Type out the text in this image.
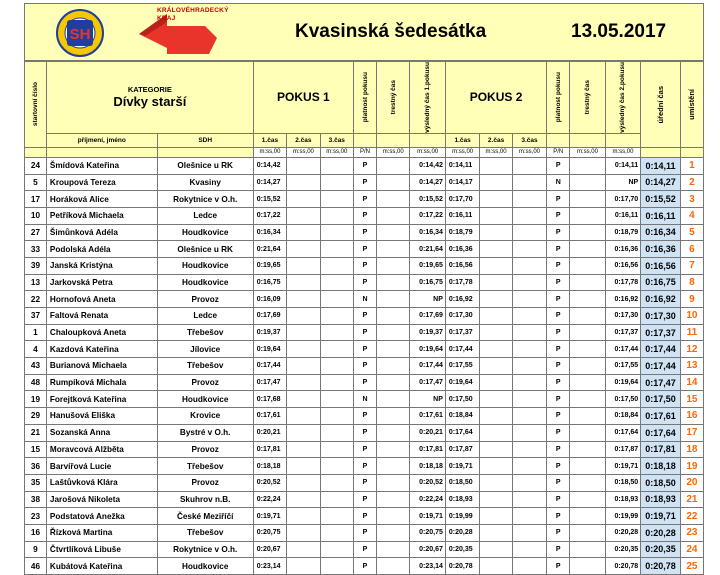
SH
KRÁLOVÉHRADECKÝ
KRAJ
Kvasinská šedesátka	13.05.2017
startovní číslo	KATEGORIE
Dívky starší		POKUS 1			platnost pokusu	trestný čas	výsledný čas 1.pokusu	POKUS 2			platnost pokusu	trestný čas	výsledný čas 2.pokusu	úřední čas	umístění

	příjmení, jméno	SDH	1.čas	2.čas	3.čas				1.čas	2.čas	3.čas					
			m:ss,00	m:ss,00	m:ss,00	P/N	m:ss,00	m:ss,00	m:ss,00	m:ss,00	m:ss,00	P/N	m:ss,00	m:ss,00		
24	Šmídová Kateřina	Olešnice u RK	0:14,42			P		0:14,42	0:14,11			P		0:14,11	0:14,11	1
5	Kroupová Tereza	Kvasiny	0:14,27			P		0:14,27	0:14,17			N		NP	0:14,27	2
17	Horáková Alice	Rokytnice v O.h.	0:15,52			P		0:15,52	0:17,70			P		0:17,70	0:15,52	3
10	Petříková Michaela	Ledce	0:17,22			P		0:17,22	0:16,11			P		0:16,11	0:16,11	4
27	Šimůnková Adéla	Houdkovice	0:16,34			P		0:16,34	0:18,79			P		0:18,79	0:16,34	5
33	Podolská Adéla	Olešnice u RK	0:21,64			P		0:21,64	0:16,36			P		0:16,36	0:16,36	6
39	Janská Kristýna	Houdkovice	0:19,65			P		0:19,65	0:16,56			P		0:16,56	0:16,56	7
13	Jarkovská Petra	Houdkovice	0:16,75			P		0:16,75	0:17,78			P		0:17,78	0:16,75	8
22	Hornofová Aneta	Provoz	0:16,09			N		NP	0:16,92			P		0:16,92	0:16,92	9
37	Faltová Renata	Ledce	0:17,69			P		0:17,69	0:17,30			P		0:17,30	0:17,30	10
1	Chaloupková Aneta	Třebešov	0:19,37			P		0:19,37	0:17,37			P		0:17,37	0:17,37	11
4	Kazdová Kateřina	Jílovice	0:19,64			P		0:19,64	0:17,44			P		0:17,44	0:17,44	12
43	Burianová Michaela	Třebešov	0:17,44			P		0:17,44	0:17,55			P		0:17,55	0:17,44	13
48	Rumpíková Michala	Provoz	0:17,47			P		0:17,47	0:19,64			P		0:19,64	0:17,47	14
19	Forejtková Kateřina	Houdkovice	0:17,68			N		NP	0:17,50			P		0:17,50	0:17,50	15
29	Hanušová Eliška	Krovice	0:17,61			P		0:17,61	0:18,84			P		0:18,84	0:17,61	16
21	Sozanská Anna	Bystré v O.h.	0:20,21			P		0:20,21	0:17,64			P		0:17,64	0:17,64	17
15	Moravcová Alžběta	Provoz	0:17,81			P		0:17,81	0:17,87			P		0:17,87	0:17,81	18
36	Barvířová Lucie	Třebešov	0:18,18			P		0:18,18	0:19,71			P		0:19,71	0:18,18	19
35	Laštůvková Klára	Provoz	0:20,52			P		0:20,52	0:18,50			P		0:18,50	0:18,50	20
38	Jarošová Nikoleta	Skuhrov n.B.	0:22,24			P		0:22,24	0:18,93			P		0:18,93	0:18,93	21
23	Podstatová Anežka	České Meziříčí	0:19,71			P		0:19,71	0:19,99			P		0:19,99	0:19,71	22
16	Řízková Martina	Třebešov	0:20,75			P		0:20,75	0:20,28			P		0:20,28	0:20,28	23
9	Čtvrtlíková Libuše	Rokytnice v O.h.	0:20,67			P		0:20,67	0:20,35			P		0:20,35	0:20,35	24
46	Kubátová Kateřina	Houdkovice	0:23,14			P		0:23,14	0:20,78			P		0:20,78	0:20,78	25
